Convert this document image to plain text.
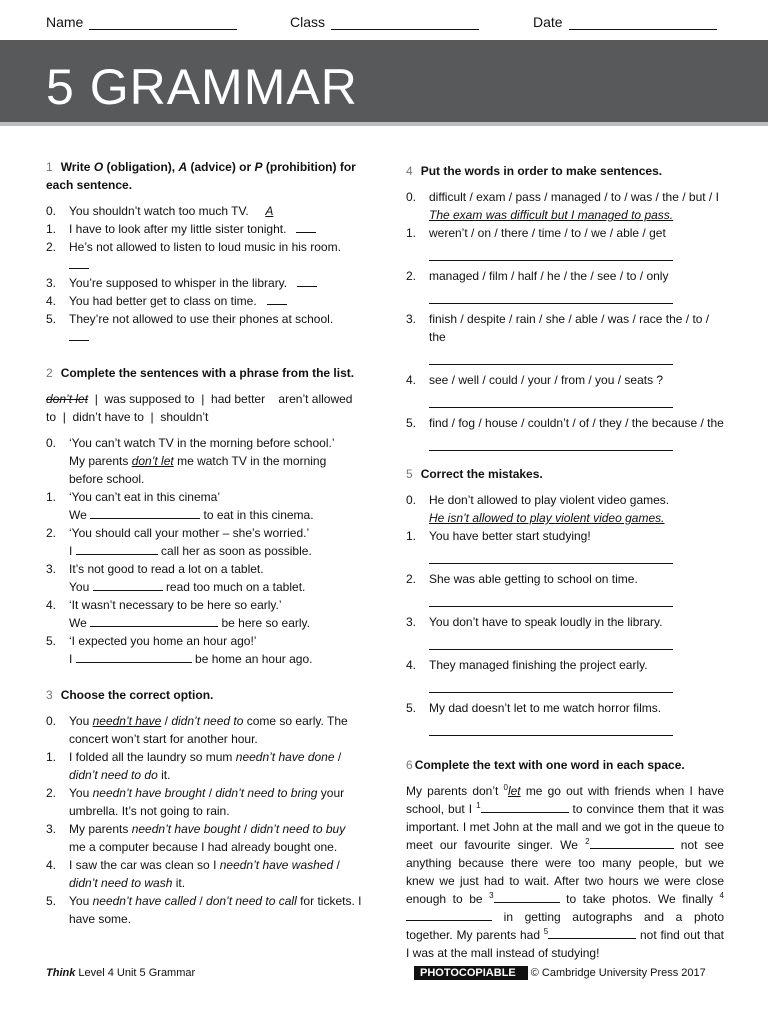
Name	Class	Date
5 GRAMMAR

1 Write O (obligation), A (advice) or P (prohibition) for each sentence.

0. You shouldn’t watch too much TV. A
1. I have to look after my little sister tonight.
2. He’s not allowed to listen to loud music in his room.

3. You’re supposed to whisper in the library.
4. You had better get to class on time.
5. They’re not allowed to use their phones at school.

2 Complete the sentences with a phrase from the list.

don’t let | was supposed to | had better aren’t allowed to | didn’t have to | shouldn’t

0. ‘You can’t watch TV in the morning before school.’
My parents don’t let me watch TV in the morning before school.
1. ‘You can’t eat in this cinema’
We	to eat in this cinema.
2. ‘You should call your mother – she’s worried.’
I	call her as soon as possible.
3. It’s not good to read a lot on a tablet.
You	read too much on a tablet.
4. ‘It wasn’t necessary to be here so early.’
We	be here so early.
5. ‘I expected you home an hour ago!’
I	be home an hour ago.

3 Choose the correct option.

0. You needn’t have / didn’t need to come so early. The concert won’t start for another hour.
1. I folded all the laundry so mum needn’t have done / didn’t need to do it.
2. You needn’t have brought / didn’t need to bring your umbrella. It’s not going to rain.
3. My parents needn’t have bought / didn’t need to buy me a computer because I had already bought one.
4. I saw the car was clean so I needn’t have washed / didn’t need to wash it.
5. You needn’t have called / don’t need to call for tickets. I have some.

4 Put the words in order to make sentences.

0. difficult / exam / pass / managed / to / was / the / but / I
The exam was difficult but I managed to pass.
1. weren’t / on / there / time / to / we / able / get
2. managed / film / half / he / the / see / to / only
3. finish / despite / rain / she / able / was / race the / to / the
4. see / well / could / your / from / you / seats ?
5. find / fog / house / couldn’t / of / they / the because / the

5 Correct the mistakes.

0. He don’t allowed to play violent video games.
He isn’t allowed to play violent video games.
1. You have better start studying!
2. She was able getting to school on time.
3. You don’t have to speak loudly in the library.
4. They managed finishing the project early.
5. My dad doesn’t let to me watch horror films.

6 Complete the text with one word in each space.

My parents don’t $^0$let me go out with friends when I have school, but I $^1$	to convince them that it was important. I met John at the mall and we got in the queue to meet our favourite singer. We $^2$	not see anything because there were too many people, but we knew we just had to wait. After two hours we were close enough to be $^3$	to take photos. We finally $^4$ in getting autographs and a photo together. My parents had $^5$	not find out that I was at the mall instead of studying!

Think Level 4 Unit 5 Grammar	PHOTOCOPIABLE © Cambridge University Press 2017
